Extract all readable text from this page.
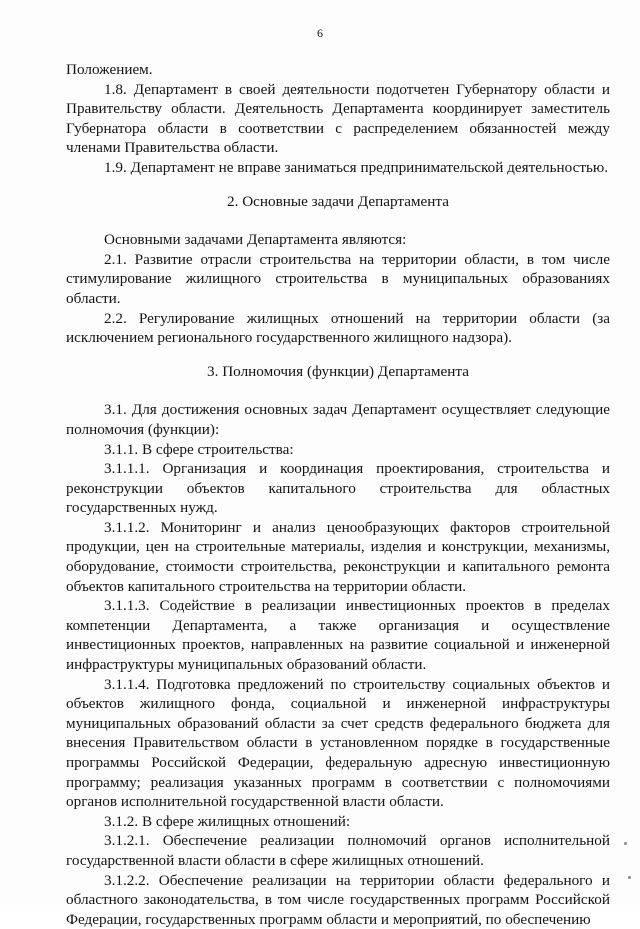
6

Положением.

1.8. Департамент в своей деятельности подотчетен Губернатору области и Правительству области. Деятельность Департамента координирует заместитель Губернатора области в соответствии с распределением обязанностей между членами Правительства области.

1.9. Департамент не вправе заниматься предпринимательской деятельностью.

2. Основные задачи Департамента

Основными задачами Департамента являются:

2.1. Развитие отрасли строительства на территории области, в том числе стимулирование жилищного строительства в муниципальных образованиях области.

2.2. Регулирование жилищных отношений на территории области (за исключением регионального государственного жилищного надзора).

3. Полномочия (функции) Департамента

3.1. Для достижения основных задач Департамент осуществляет следующие полномочия (функции):

3.1.1. В сфере строительства:

3.1.1.1. Организация и координация проектирования, строительства и реконструкции объектов капитального строительства для областных государственных нужд.

3.1.1.2. Мониторинг и анализ ценообразующих факторов строительной продукции, цен на строительные материалы, изделия и конструкции, механизмы, оборудование, стоимости строительства, реконструкции и капитального ремонта объектов капитального строительства на территории области.

3.1.1.3. Содействие в реализации инвестиционных проектов в пределах компетенции Департамента, а также организация и осуществление инвестиционных проектов, направленных на развитие социальной и инженерной инфраструктуры муниципальных образований области.

3.1.1.4. Подготовка предложений по строительству социальных объектов и объектов жилищного фонда, социальной и инженерной инфраструктуры муниципальных образований области за счет средств федерального бюджета для внесения Правительством области в установленном порядке в государственные программы Российской Федерации, федеральную адресную инвестиционную программу; реализация указанных программ в соответствии с полномочиями органов исполнительной государственной власти области.

3.1.2. В сфере жилищных отношений:

3.1.2.1. Обеспечение реализации полномочий органов исполнительной государственной власти области в сфере жилищных отношений.

3.1.2.2. Обеспечение реализации на территории области федерального и областного законодательства, в том числе государственных программ Российской Федерации, государственных программ области и мероприятий, по обеспечению
